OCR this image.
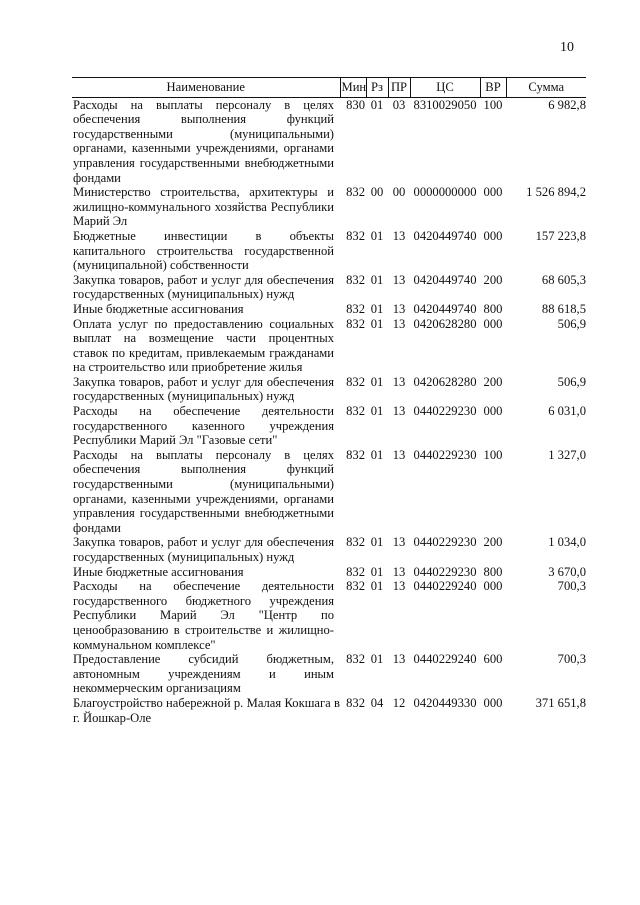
10
Наименование	Мин	Рз	ПР	ЦС	ВР	Сумма
Расходы на выплаты персоналу в целях обеспечения выполнения функций государственными (муниципальными) органами, казенными учреждениями, органами управления государственными внебюджетными фондами	830	01	03	8310029050	100	6 982,8
Министерство строительства, архитектуры и жилищно-коммунального хозяйства Республики Марий Эл	832	00	00	0000000000	000	1 526 894,2
Бюджетные инвестиции в объекты капитального строительства государственной (муниципальной) собственности	832	01	13	0420449740	000	157 223,8
Закупка товаров, работ и услуг для обеспечения государственных (муниципальных) нужд	832	01	13	0420449740	200	68 605,3
Иные бюджетные ассигнования	832	01	13	0420449740	800	88 618,5
Оплата услуг по предоставлению социальных выплат на возмещение части процентных ставок по кредитам, привлекаемым гражданами на строительство или приобретение жилья	832	01	13	0420628280	000	506,9
Закупка товаров, работ и услуг для обеспечения государственных (муниципальных) нужд	832	01	13	0420628280	200	506,9
Расходы на обеспечение деятельности государственного казенного учреждения Республики Марий Эл "Газовые сети"	832	01	13	0440229230	000	6 031,0
Расходы на выплаты персоналу в целях обеспечения выполнения функций государственными (муниципальными) органами, казенными учреждениями, органами управления государственными внебюджетными фондами	832	01	13	0440229230	100	1 327,0
Закупка товаров, работ и услуг для обеспечения государственных (муниципальных) нужд	832	01	13	0440229230	200	1 034,0
Иные бюджетные ассигнования	832	01	13	0440229230	800	3 670,0
Расходы на обеспечение деятельности государственного бюджетного учреждения Республики Марий Эл "Центр по ценообразованию в строительстве и жилищно-коммунальном комплексе"	832	01	13	0440229240	000	700,3
Предоставление субсидий бюджетным, автономным учреждениям и иным некоммерческим организациям	832	01	13	0440229240	600	700,3
Благоустройство набережной р. Малая Кокшага в г. Йошкар-Оле	832	04	12	0420449330	000	371 651,8
